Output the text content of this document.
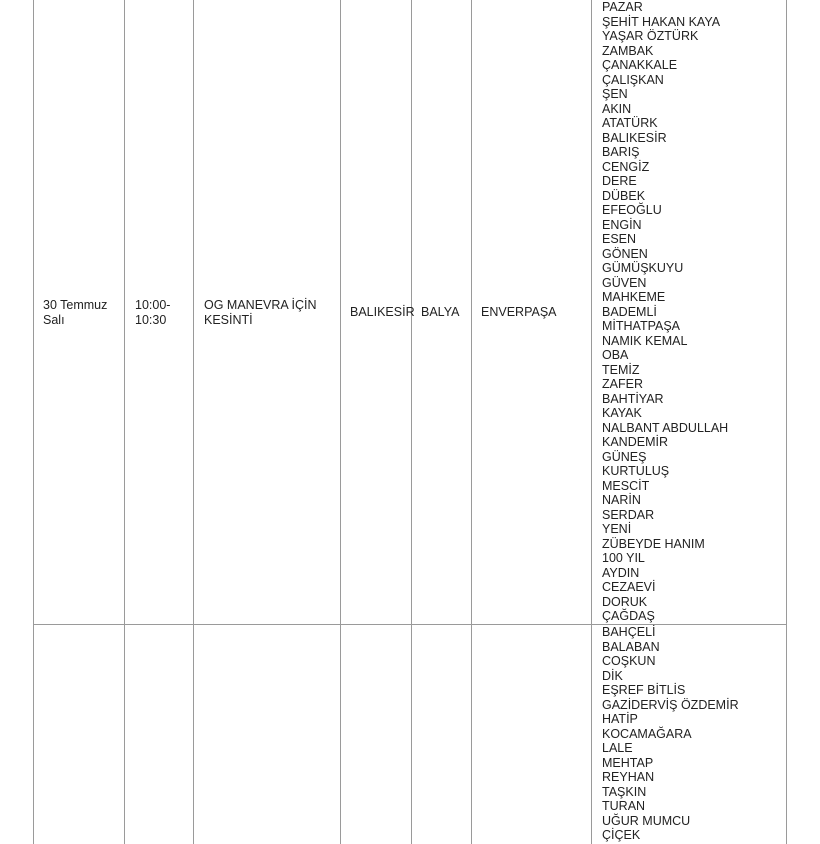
30 Temmuz
Salı
10:00-
10:30
OG MANEVRA İÇİN
KESİNTİ
BALIKESİR BALYA ENVERPAŞA
PAZAR
ŞEHİT HAKAN KAYA
YAŞAR ÖZTÜRK
ZAMBAK
ÇANAKKALE
ÇALIŞKAN
ŞEN
AKIN
ATATÜRK
BALIKESİR
BARIŞ
CENGİZ
DERE
DÜBEK
EFEOĞLU
ENGİN
ESEN
GÖNEN
GÜMÜŞKUYU
GÜVEN
MAHKEME
BADEMLİ
MİTHATPAŞA
NAMIK KEMAL
OBA
TEMİZ
ZAFER
BAHTİYAR
KAYAK
NALBANT ABDULLAH
KANDEMİR
GÜNEŞ
KURTULUŞ
MESCİT
NARİN
SERDAR
YENİ
ZÜBEYDE HANIM
100 YIL
AYDIN
CEZAEVİ
DORUK
ÇAĞDAŞ
BAHÇELİ
BALABAN
COŞKUN
DİK
EŞREF BİTLİS
GAZİDERVİŞ ÖZDEMİR
HATİP
KOCAMAĞARA
LALE
MEHTAP
REYHAN
TAŞKIN
TURAN
UĞUR MUMCU
ÇİÇEK
